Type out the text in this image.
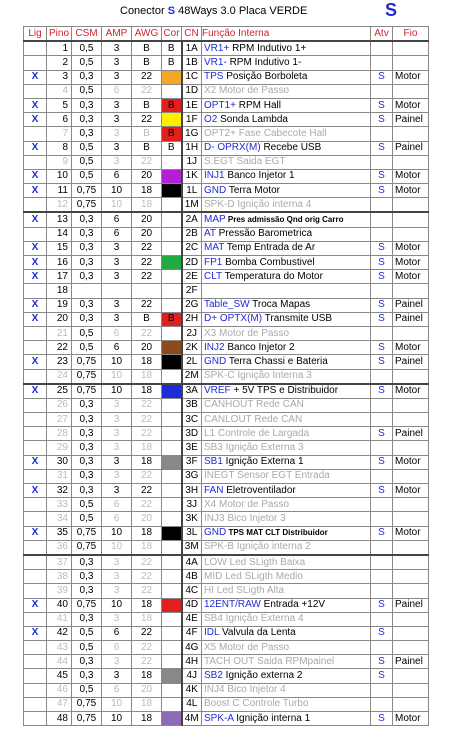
Conector S 48Ways 3.0 Placa VERDE	S
Lig	Pino	CSM	AMP	AWG	Cor	CN	Função Interna	Atv	Fio
	1	0,5	3	B	B	1A	VR1+ RPM Indutivo 1+		
	2	0,5	3	B	B	1B	VR1- RPM Indutivo 1-		
X	3	0,3	3	22		1C	TPS Posição Borboleta	S	Motor
	4	0,5	6	22		1D	X2 Motor de Passo		
X	5	0,3	3	B	B	1E	OPT1+ RPM Hall	S	Motor
X	6	0,3	3	22		1F	O2 Sonda Lambda	S	Painel
	7	0,3	3	B	B	1G	OPT2+ Fase Cabecote Hall		
X	8	0,5	3	B	B	1H	D- OPRX(M) Recebe USB	S	Painel
	9	0,5	3	22		1J	S.EGT Saida EGT		
X	10	0,5	6	20		1K	INJ1 Banco Injetor 1	S	Motor
X	11	0,75	10	18		1L	GND Terra Motor	S	Motor
	12	0,75	10	18		1M	SPK-D Ignição interna 4		
X	13	0,3	6	20		2A	MAP Pres admissão Qnd orig Carro		
	14	0,3	6	20		2B	AT Pressão Barometrica		
X	15	0,3	3	22		2C	MAT Temp Entrada de Ar	S	Motor
X	16	0,3	3	22		2D	FP1 Bomba Combustivel	S	Motor
X	17	0,3	3	22		2E	CLT Temperatura do Motor	S	Motor
	18					2F			
X	19	0,3	3	22		2G	Table_SW Troca Mapas	S	Painel
X	20	0,3	3	B	B	2H	D+ OPTX(M) Transmite USB	S	Painel
	21	0,5	6	22		2J	X3 Motor de Passo		
	22	0,5	6	20		2K	INJ2 Banco Injetor 2	S	Motor
X	23	0,75	10	18		2L	GND Terra Chassi e Bateria	S	Painel
	24	0,75	10	18		2M	SPK-C Ignição Interna 3		
X	25	0,75	10	18		3A	VREF + 5V TPS e Distribuidor	S	Motor
	26	0,3	3	22		3B	CANHOUT Rede CAN		
	27	0,3	3	22		3C	CANLOUT Rede CAN		
	28	0,3	3	22		3D	L1 Controle de Largada	S	Painel
	29	0,3	3	18		3E	SB3 Ignição Externa 3		
X	30	0,3	3	18		3F	SB1 Ignição Externa 1	S	Motor
	31	0,3	3	22		3G	INEGT Sensor EGT Entrada		
X	32	0,3	3	22		3H	FAN Eletroventilador	S	Motor
	33	0,5	6	22		3J	X4 Motor de Passo		
	34	0,5	6	20		3K	INJ3 Bico Injetor 3		
X	35	0,75	10	18		3L	GND TPS MAT CLT Distribuidor	S	Motor
	36	0,75	10	18		3M	SPK-B Ignição interna 2		
	37	0,3	3	22		4A	LOW Led SLigth Baixa		
	38	0,3	3	22		4B	MID Led SLigth Medio		
	39	0,3	3	22		4C	HI Led SLigth Alta		
X	40	0,75	10	18		4D	12ENT/RAW Entrada +12V	S	Painel
	41	0,3	3	18		4E	SB4 Ignição Externa 4		
X	42	0,5	6	22		4F	IDL Valvula da Lenta	S	
	43	0,5	6	22		4G	X5 Motor de Passo		
	44	0,3	3	22		4H	TACH OUT Saida RPMpainel	S	Painel
	45	0,3	3	18		4J	SB2 Ignição externa 2	S	
	46	0,5	6	20		4K	INJ4 Bico Injetor 4		
	47	0,75	10	18		4L	Boost C Controle Turbo		
	48	0,75	10	18		4M	SPK-A Ignição interna 1	S	Motor
